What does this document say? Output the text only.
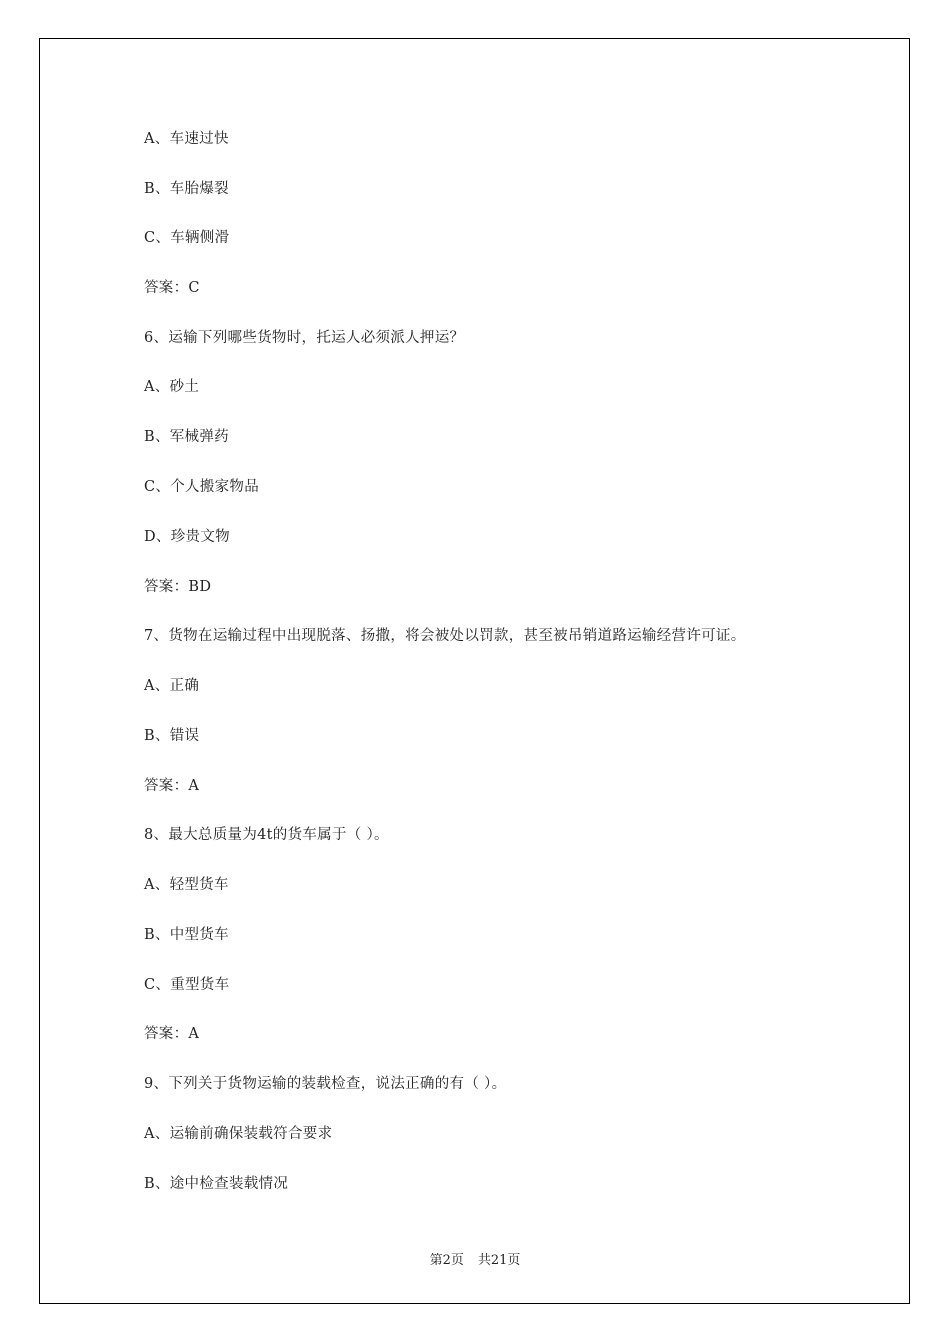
A、车速过快
B、车胎爆裂
C、车辆侧滑
答案：C
6、运输下列哪些货物时，托运人必须派人押运？
A、砂土
B、军械弹药
C、个人搬家物品
D、珍贵文物
答案：BD
7、货物在运输过程中出现脱落、扬撒，将会被处以罚款，甚至被吊销道路运输经营许可证。
A、正确
B、错误
答案：A
8、最大总质量为4t的货车属于（ ）。
A、轻型货车
B、中型货车
C、重型货车
答案：A
9、下列关于货物运输的装载检查，说法正确的有（ ）。
A、运输前确保装载符合要求
B、途中检查装载情况
第2页 共21页
